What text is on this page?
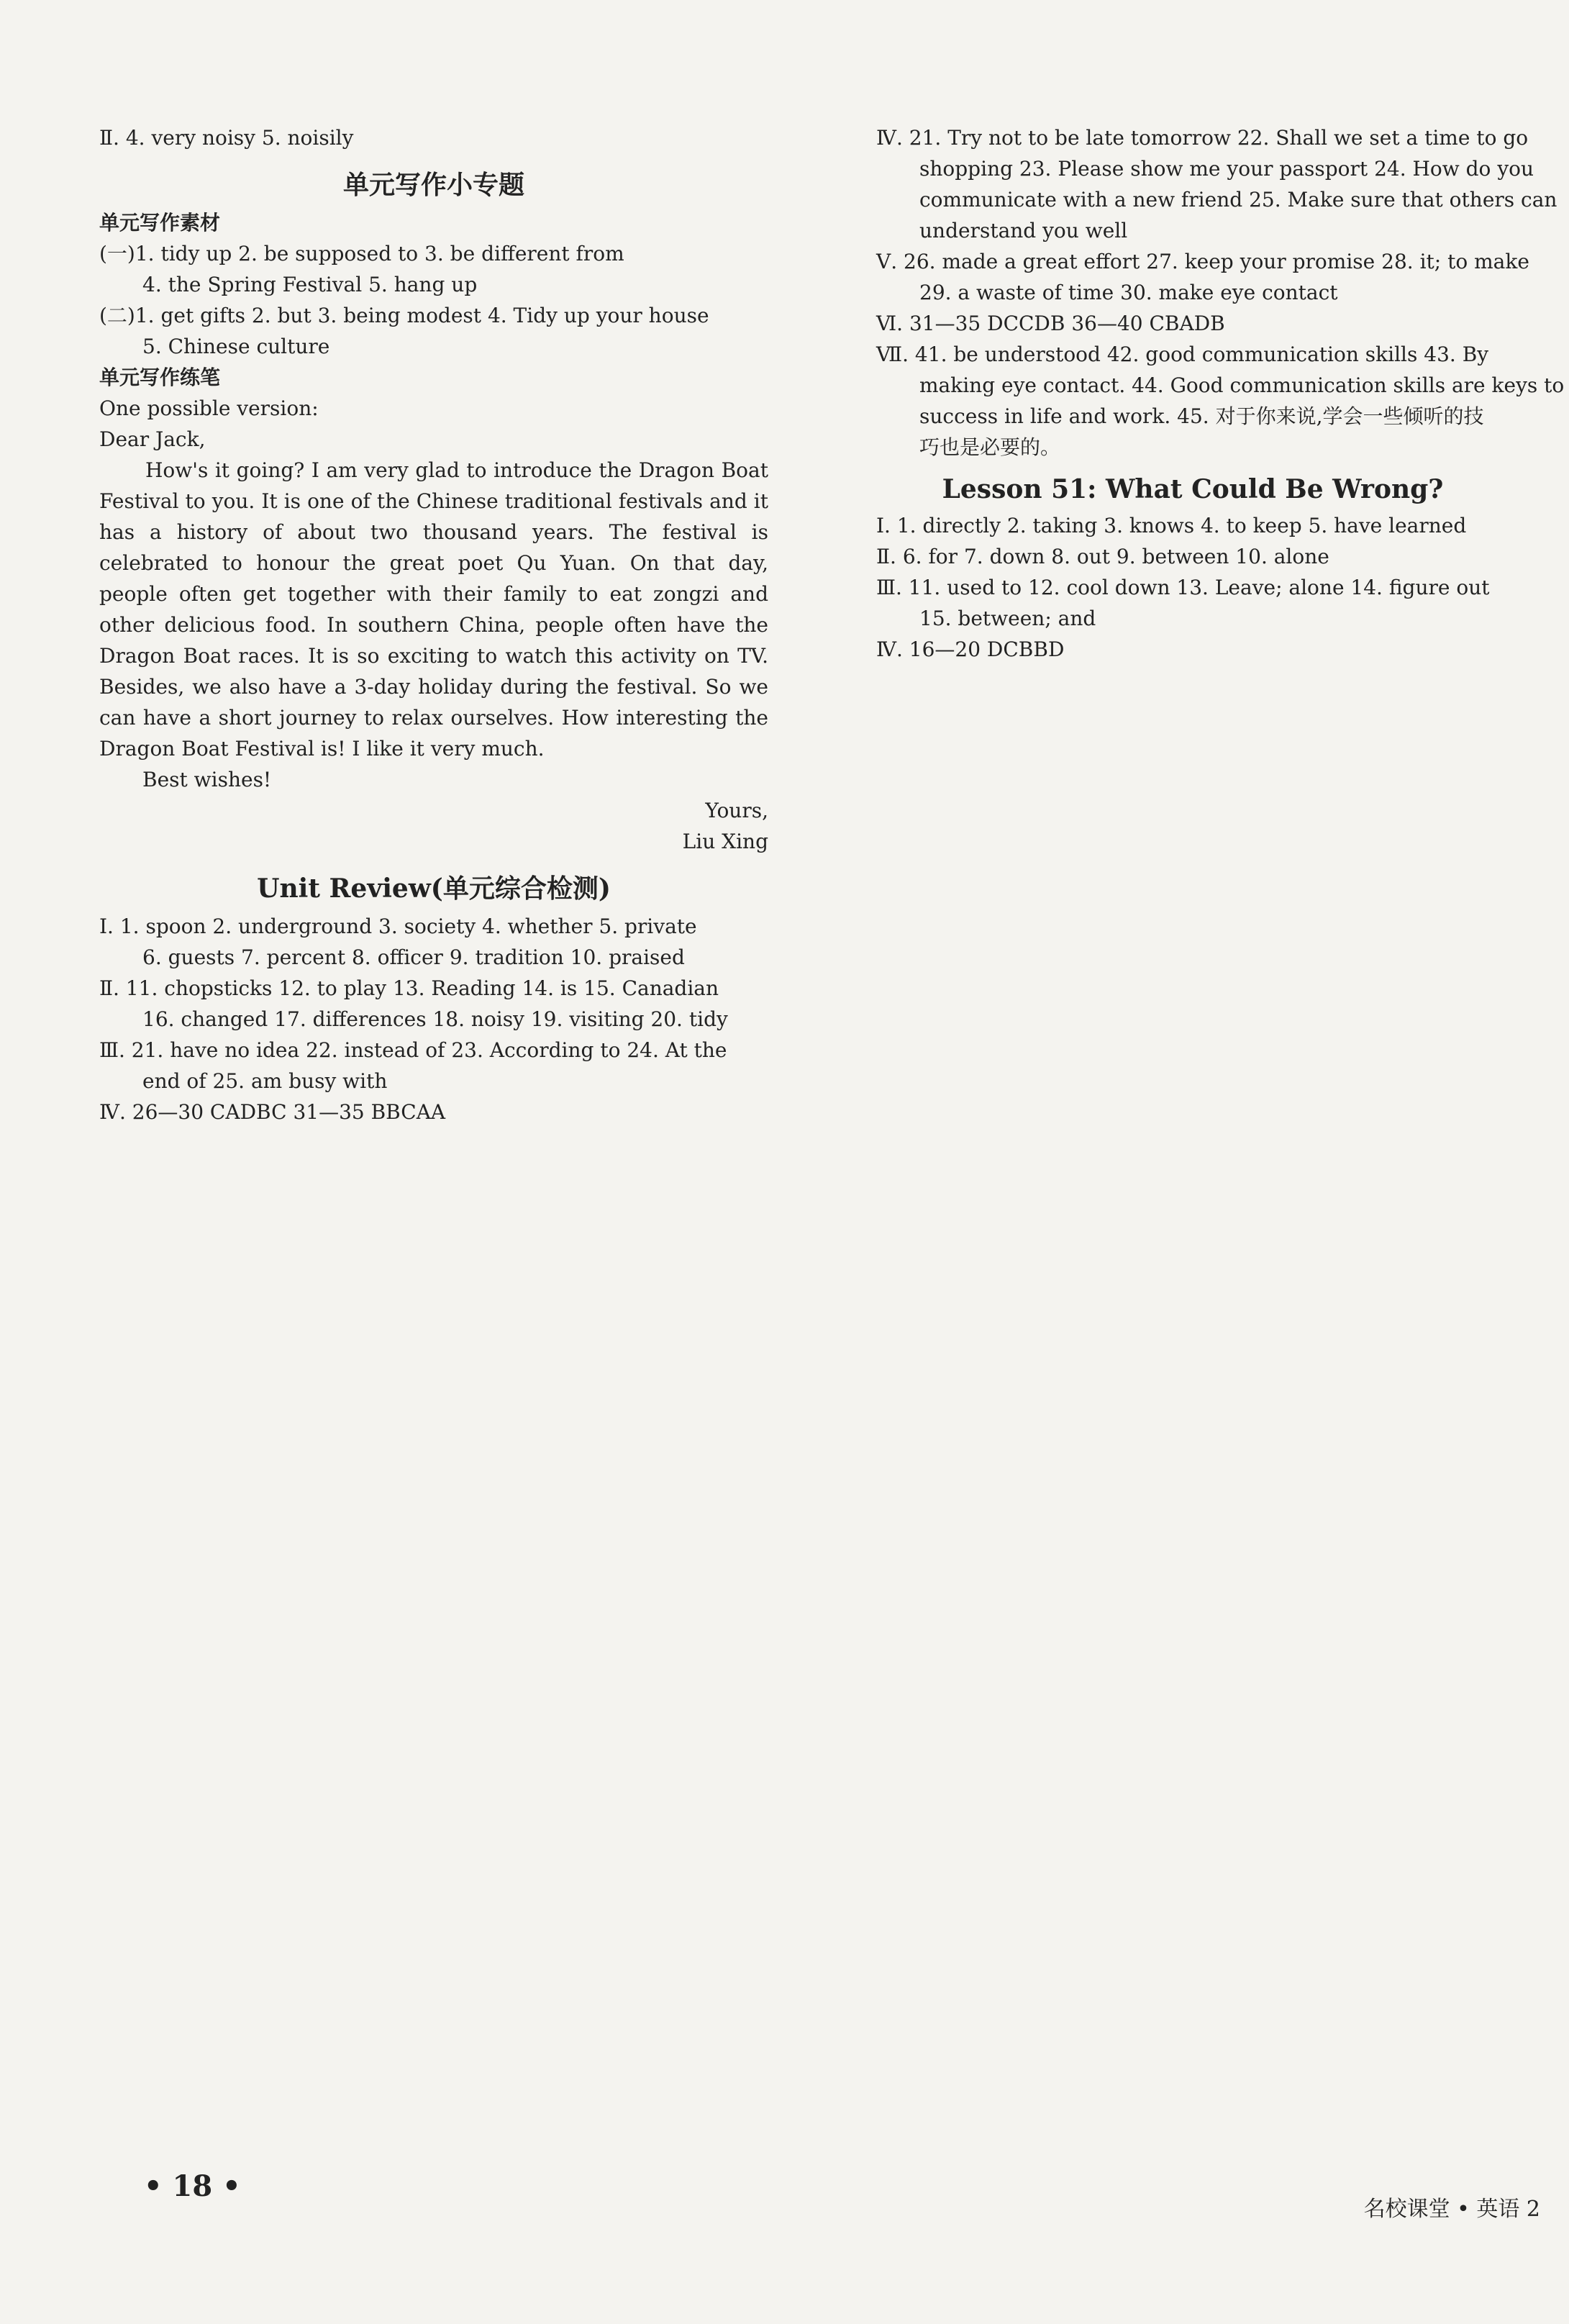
Ⅱ. 4. very noisy 5. noisily
单元写作小专题
单元写作素材
(一)1. tidy up 2. be supposed to 3. be different from
4. the Spring Festival 5. hang up
(二)1. get gifts 2. but 3. being modest 4. Tidy up your house
5. Chinese culture
单元写作练笔
One possible version:
Dear Jack,

How's it going? I am very glad to introduce the Dragon Boat Festival to you. It is one of the Chinese traditional festivals and it has a history of about two thousand years. The festival is celebrated to honour the great poet Qu Yuan. On that day, people often get together with their family to eat zongzi and other delicious food. In southern China, people often have the Dragon Boat races. It is so exciting to watch this activity on TV. Besides, we also have a 3-day holiday during the festival. So we can have a short journey to relax ourselves. How interesting the Dragon Boat Festival is! I like it very much.

Best wishes!
Yours,
Liu Xing
Unit Review(单元综合检测)
Ⅰ. 1. spoon 2. underground 3. society 4. whether 5. private
6. guests 7. percent 8. officer 9. tradition 10. praised
Ⅱ. 11. chopsticks 12. to play 13. Reading 14. is 15. Canadian
16. changed 17. differences 18. noisy 19. visiting 20. tidy
Ⅲ. 21. have no idea 22. instead of 23. According to 24. At the
end of 25. am busy with
Ⅳ. 26—30 CADBC 31—35 BBCAA
Ⅳ. 21. Try not to be late tomorrow 22. Shall we set a time to go
shopping 23. Please show me your passport 24. How do you
communicate with a new friend 25. Make sure that others can
understand you well
Ⅴ. 26. made a great effort 27. keep your promise 28. it; to make
29. a waste of time 30. make eye contact
Ⅵ. 31—35 DCCDB 36—40 CBADB
Ⅶ. 41. be understood 42. good communication skills 43. By
making eye contact. 44. Good communication skills are keys to
success in life and work. 45. 对于你来说,学会一些倾听的技
巧也是必要的。
Lesson 51: What Could Be Wrong?
Ⅰ. 1. directly 2. taking 3. knows 4. to keep 5. have learned
Ⅱ. 6. for 7. down 8. out 9. between 10. alone
Ⅲ. 11. used to 12. cool down 13. Leave; alone 14. figure out
15. between; and
Ⅳ. 16—20 DCBBD
• 18 •
名校课堂 • 英语 2
